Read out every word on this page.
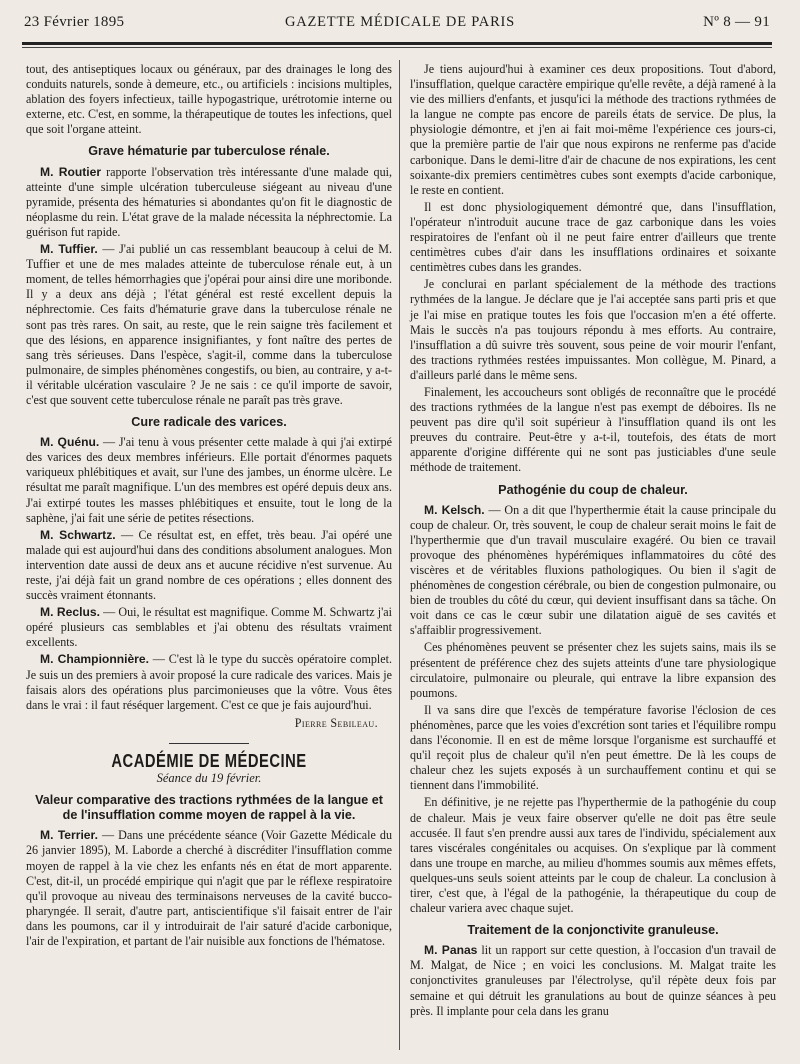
23 Février 1895	GAZETTE MÉDICALE DE PARIS	Nº 8 — 91

tout, des antiseptiques locaux ou généraux, par des drainages le long des conduits naturels, sonde à demeure, etc., ou artificiels : incisions multiples, ablation des foyers infectieux, taille hypogastrique, urétrotomie interne ou externe, etc. C'est, en somme, la thérapeutique de toutes les infections, quel que soit l'organe atteint.

Grave hématurie par tuberculose rénale.

M. Routier rapporte l'observation très intéressante d'une malade qui, atteinte d'une simple ulcération tuberculeuse siégeant au niveau d'une pyramide, présenta des hématuries si abondantes qu'on fit le diagnostic de néoplasme du rein. L'état grave de la malade nécessita la néphrectomie. La guérison fut rapide.

M. Tuffier. — J'ai publié un cas ressemblant beaucoup à celui de M. Tuffier et une de mes malades atteinte de tuberculose rénale eut, à un moment, de telles hémorrhagies que j'opérai pour ainsi dire une moribonde. Il y a deux ans déjà ; l'état général est resté excellent depuis la néphrectomie. Ces faits d'hématurie grave dans la tuberculose rénale ne sont pas très rares. On sait, au reste, que le rein saigne très facilement et que des lésions, en apparence insignifiantes, y font naître des pertes de sang très sérieuses. Dans l'espèce, s'agit-il, comme dans la tuberculose pulmonaire, de simples phénomènes congestifs, ou bien, au contraire, y a-t-il véritable ulcération vasculaire ? Je ne sais : ce qu'il importe de savoir, c'est que souvent cette tuberculose rénale ne paraît pas très grave.

Cure radicale des varices.

M. Quénu. — J'ai tenu à vous présenter cette malade à qui j'ai extirpé des varices des deux membres inférieurs. Elle portait d'énormes paquets variqueux phlébitiques et avait, sur l'une des jambes, un énorme ulcère. Le résultat me paraît magnifique. L'un des membres est opéré depuis deux ans. J'ai extirpé toutes les masses phlébitiques et ensuite, tout le long de la saphène, j'ai fait une série de petites résections.

M. Schwartz. — Ce résultat est, en effet, très beau. J'ai opéré une malade qui est aujourd'hui dans des conditions absolument analogues. Mon intervention date aussi de deux ans et aucune récidive n'est survenue. Au reste, j'ai déjà fait un grand nombre de ces opérations ; elles donnent des succès vraiment étonnants.

M. Reclus. — Oui, le résultat est magnifique. Comme M. Schwartz j'ai opéré plusieurs cas semblables et j'ai obtenu des résultats vraiment excellents.

M. Championnière. — C'est là le type du succès opératoire complet. Je suis un des premiers à avoir proposé la cure radicale des varices. Mais je faisais alors des opérations plus parcimonieuses que la vôtre. Vous êtes dans le vrai : il faut réséquer largement. C'est ce que je fais aujourd'hui.

Pierre Sebileau.

ACADÉMIE DE MÉDECINE
Séance du 19 février.
Valeur comparative des tractions rythmées de la langue et de l'insufflation comme moyen de rappel à la vie.

M. Terrier. — Dans une précédente séance (Voir Gazette Médicale du 26 janvier 1895), M. Laborde a cherché à discréditer l'insufflation comme moyen de rappel à la vie chez les enfants nés en état de mort apparente. C'est, dit-il, un procédé empirique qui n'agit que par le réflexe respiratoire qu'il provoque au niveau des terminaisons nerveuses de la cavité bucco-pharyngée. Il serait, d'autre part, antiscientifique s'il faisait entrer de l'air dans les poumons, car il y introduirait de l'air saturé d'acide carbonique, l'air de l'expiration, et partant de l'air nuisible aux fonctions de l'hématose.

Je tiens aujourd'hui à examiner ces deux propositions. Tout d'abord, l'insufflation, quelque caractère empirique qu'elle revête, a déjà ramené à la vie des milliers d'enfants, et jusqu'ici la méthode des tractions rythmées de la langue ne compte pas encore de pareils états de service. De plus, la physiologie démontre, et j'en ai fait moi-même l'expérience ces jours-ci, que la première partie de l'air que nous expirons ne renferme pas d'acide carbonique. Dans le demi-litre d'air de chacune de nos expirations, les cent soixante-dix premiers centimètres cubes sont exempts d'acide carbonique, le reste en contient.

Il est donc physiologiquement démontré que, dans l'insufflation, l'opérateur n'introduit aucune trace de gaz carbonique dans les voies respiratoires de l'enfant où il ne peut faire entrer d'ailleurs que trente centimètres cubes d'air dans les insufflations ordinaires et soixante centimètres cubes dans les grandes.

Je conclurai en parlant spécialement de la méthode des tractions rythmées de la langue. Je déclare que je l'ai acceptée sans parti pris et que je l'ai mise en pratique toutes les fois que l'occasion m'en a été offerte. Mais le succès n'a pas toujours répondu à mes efforts. Au contraire, l'insufflation a dû suivre très souvent, sous peine de voir mourir l'enfant, des tractions rythmées restées impuissantes. Mon collègue, M. Pinard, a d'ailleurs parlé dans le même sens.

Finalement, les accoucheurs sont obligés de reconnaître que le procédé des tractions rythmées de la langue n'est pas exempt de déboires. Ils ne peuvent pas dire qu'il soit supérieur à l'insufflation quand ils ont les preuves du contraire. Peut-être y a-t-il, toutefois, des états de mort apparente d'origine différente qui ne sont pas justiciables d'une seule méthode de traitement.

Pathogénie du coup de chaleur.

M. Kelsch. — On a dit que l'hyperthermie était la cause principale du coup de chaleur. Or, très souvent, le coup de chaleur serait moins le fait de l'hyperthermie que d'un travail musculaire exagéré. Ou bien ce travail provoque des phénomènes hypérémiques inflammatoires du côté des viscères et de véritables fluxions pathologiques. Ou bien il s'agit de phénomènes de congestion cérébrale, ou bien de congestion pulmonaire, ou bien de troubles du côté du cœur, qui devient insuffisant dans sa tâche. On voit dans ce cas le cœur subir une dilatation aiguë de ses cavités et s'affaiblir progressivement.

Ces phénomènes peuvent se présenter chez les sujets sains, mais ils se présentent de préférence chez des sujets atteints d'une tare physiologique circulatoire, pulmonaire ou pleurale, qui entrave la libre expansion des poumons.

Il va sans dire que l'excès de température favorise l'éclosion de ces phénomènes, parce que les voies d'excrétion sont taries et l'équilibre rompu dans l'économie. Il en est de même lorsque l'organisme est surchauffé et qu'il reçoit plus de chaleur qu'il n'en peut émettre. De là les coups de chaleur chez les sujets exposés à un surchauffement continu et qui se tiennent dans l'immobilité.

En définitive, je ne rejette pas l'hyperthermie de la pathogénie du coup de chaleur. Mais je veux faire observer qu'elle ne doit pas être seule accusée. Il faut s'en prendre aussi aux tares de l'individu, spécialement aux tares viscérales congénitales ou acquises. On s'explique par là comment dans une troupe en marche, au milieu d'hommes soumis aux mêmes effets, quelques-uns seuls soient atteints par le coup de chaleur. La conclusion à tirer, c'est que, à l'égal de la pathogénie, la thérapeutique du coup de chaleur variera avec chaque sujet.

Traitement de la conjonctivite granuleuse.

M. Panas lit un rapport sur cette question, à l'occasion d'un travail de M. Malgat, de Nice ; en voici les conclusions. M. Malgat traite les conjonctivites granuleuses par l'électrolyse, qu'il répète deux fois par semaine et qui détruit les granulations au bout de quinze séances à peu près. Il implante pour cela dans les granu
